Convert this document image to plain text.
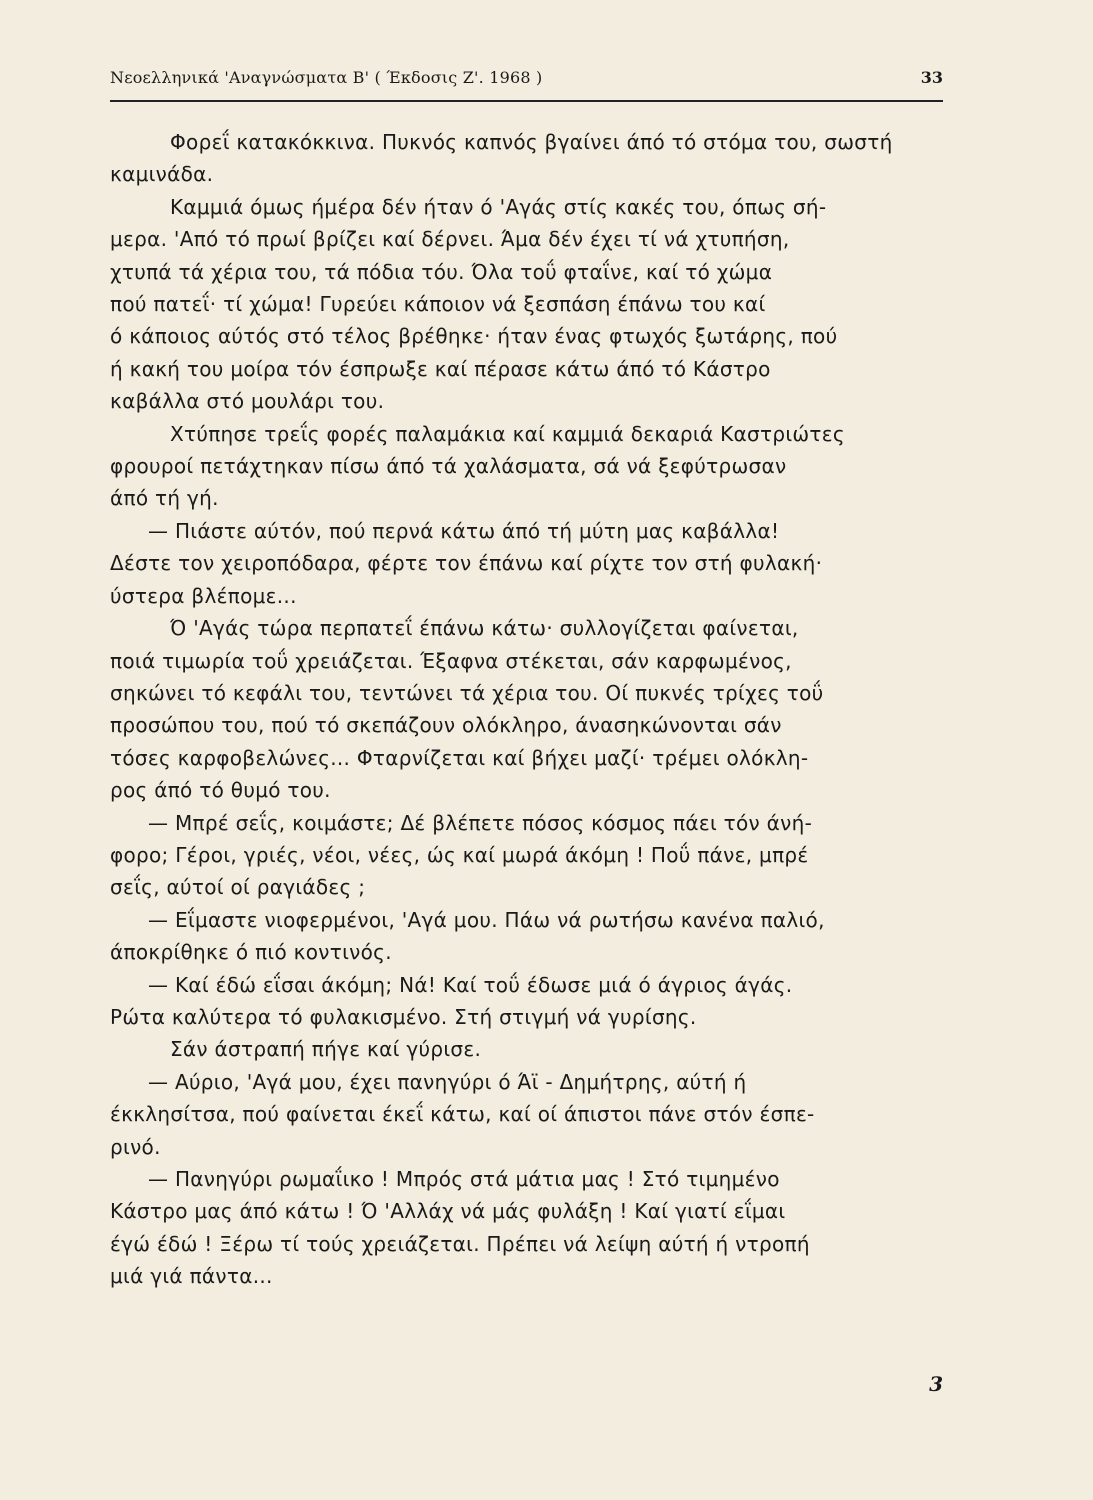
Νεοελληνικά 'Αναγνώσματα Β' ( Έκδοσις Ζ'. 1968 )	33

Φορεΐ κατακόκκινα. Πυκνός καπνός βγαίνει άπό τό στόμα του, σωστή
καμινάδα.

Καμμιά όμως ήμέρα δέν ήταν ό 'Αγάς στίς κακές του, όπως σή-
μερα. 'Από τό πρωί βρίζει καί δέρνει. Άμα δέν έχει τί νά χτυπήση,
χτυπά τά χέρια του, τά πόδια τόυ. Όλα τοΰ φταΐνε, καί τό χώμα
πού πατεΐ· τί χώμα! Γυρεύει κάποιον νά ξεσπάση έπάνω του καί
ό κάποιος αύτός στό τέλος βρέθηκε· ήταν ένας φτωχός ξωτάρης, πού
ή κακή του μοίρα τόν έσπρωξε καί πέρασε κάτω άπό τό Κάστρο
καβάλλα στό μουλάρι του.

Χτύπησε τρεΐς φορές παλαμάκια καί καμμιά δεκαριά Καστριώτες
φρουροί πετάχτηκαν πίσω άπό τά χαλάσματα, σά νά ξεφύτρωσαν
άπό τή γή.

— Πιάστε αύτόν, πού περνά κάτω άπό τή μύτη μας καβάλλα!
Δέστε τον χειροπόδαρα, φέρτε τον έπάνω καί ρίχτε τον στή φυλακή·
ύστερα βλέπομε...

Ό 'Αγάς τώρα περπατεΐ έπάνω κάτω· συλλογίζεται φαίνεται,
ποιά τιμωρία τοΰ χρειάζεται. Έξαφνα στέκεται, σάν καρφωμένος,
σηκώνει τό κεφάλι του, τεντώνει τά χέρια του. Οί πυκνές τρίχες τοΰ
προσώπου του, πού τό σκεπάζουν ολόκληρο, άνασηκώνονται σάν
τόσες καρφοβελώνες... Φταρνίζεται καί βήχει μαζί· τρέμει ολόκλη-
ρος άπό τό θυμό του.

— Μπρέ σεΐς, κοιμάστε; Δέ βλέπετε πόσος κόσμος πάει τόν άνή-
φορο; Γέροι, γριές, νέοι, νέες, ώς καί μωρά άκόμη ! Ποΰ πάνε, μπρέ
σεΐς, αύτοί οί ραγιάδες ;

— Εΐμαστε νιοφερμένοι, 'Αγά μου. Πάω νά ρωτήσω κανένα παλιό,
άποκρίθηκε ό πιό κοντινός.

— Καί έδώ εΐσαι άκόμη; Νά! Καί τοΰ έδωσε μιά ό άγριος άγάς.
Ρώτα καλύτερα τό φυλακισμένο. Στή στιγμή νά γυρίσης.

Σάν άστραπή πήγε καί γύρισε.

— Αύριο, 'Αγά μου, έχει πανηγύρι ό Άϊ - Δημήτρης, αύτή ή
έκκλησίτσα, πού φαίνεται έκεΐ κάτω, καί οί άπιστοι πάνε στόν έσπε-
ρινό.

— Πανηγύρι ρωμαΐικο ! Μπρός στά μάτια μας ! Στό τιμημένο
Κάστρο μας άπό κάτω ! Ό 'Αλλάχ νά μάς φυλάξη ! Καί γιατί εΐμαι
έγώ έδώ ! Ξέρω τί τούς χρειάζεται. Πρέπει νά λείψη αύτή ή ντροπή
μιά γιά πάντα...

3
